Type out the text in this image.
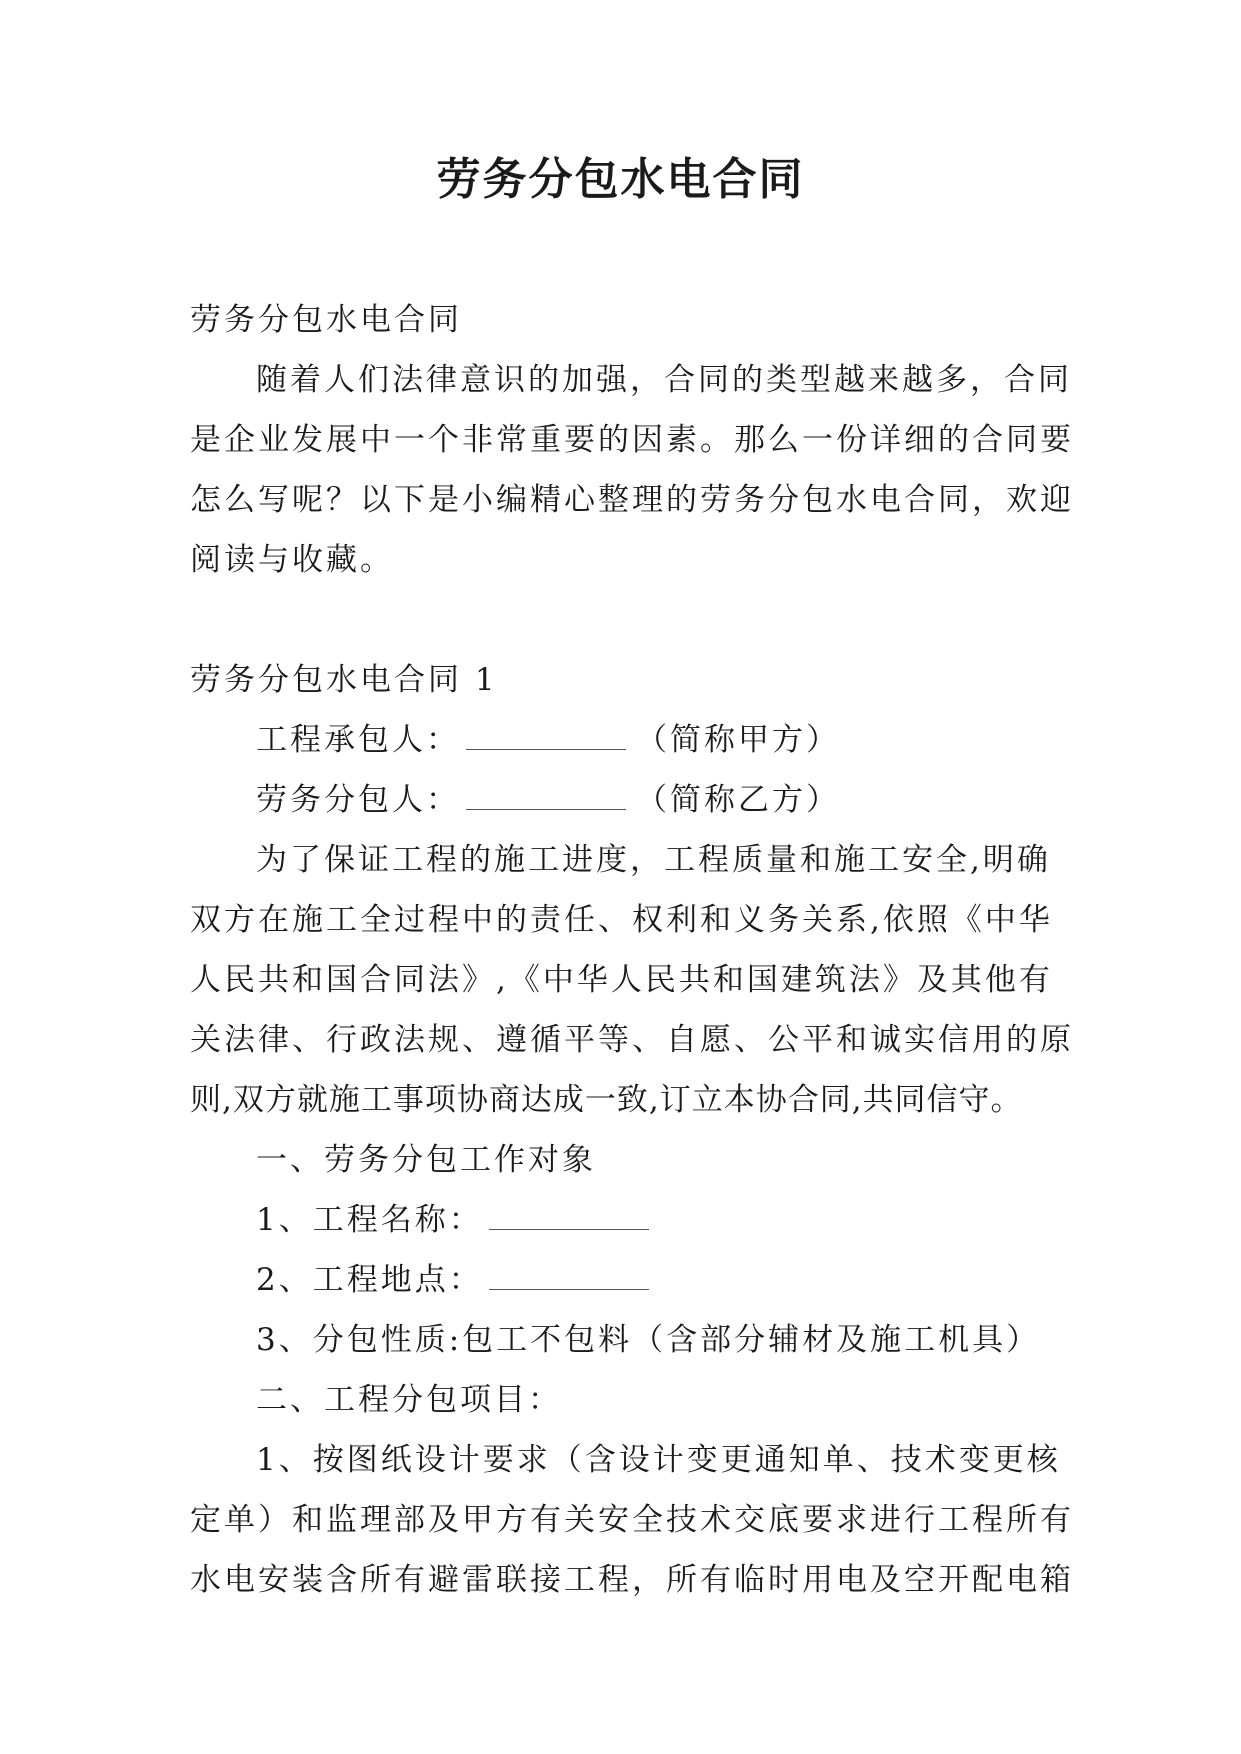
劳务分包水电合同
劳务分包水电合同
随着人们法律意识的加强，合同的类型越来越多，合同
是企业发展中一个非常重要的因素。那么一份详细的合同要
怎么写呢？以下是小编精心整理的劳务分包水电合同，欢迎
阅读与收藏。
劳务分包水电合同 1
工程承包人：	（简称甲方）
劳务分包人：	（简称乙方）
为了保证工程的施工进度，工程质量和施工安全,明确
双方在施工全过程中的责任、权利和义务关系,依照《中华
人民共和国合同法》,《中华人民共和国建筑法》及其他有
关法律、行政法规、遵循平等、自愿、公平和诚实信用的原
则,双方就施工事项协商达成一致,订立本协合同,共同信守。
一、劳务分包工作对象
1、工程名称：
2、工程地点：
3、分包性质:包工不包料（含部分辅材及施工机具）
二、工程分包项目：
1、按图纸设计要求（含设计变更通知单、技术变更核
定单）和监理部及甲方有关安全技术交底要求进行工程所有
水电安装含所有避雷联接工程，所有临时用电及空开配电箱
